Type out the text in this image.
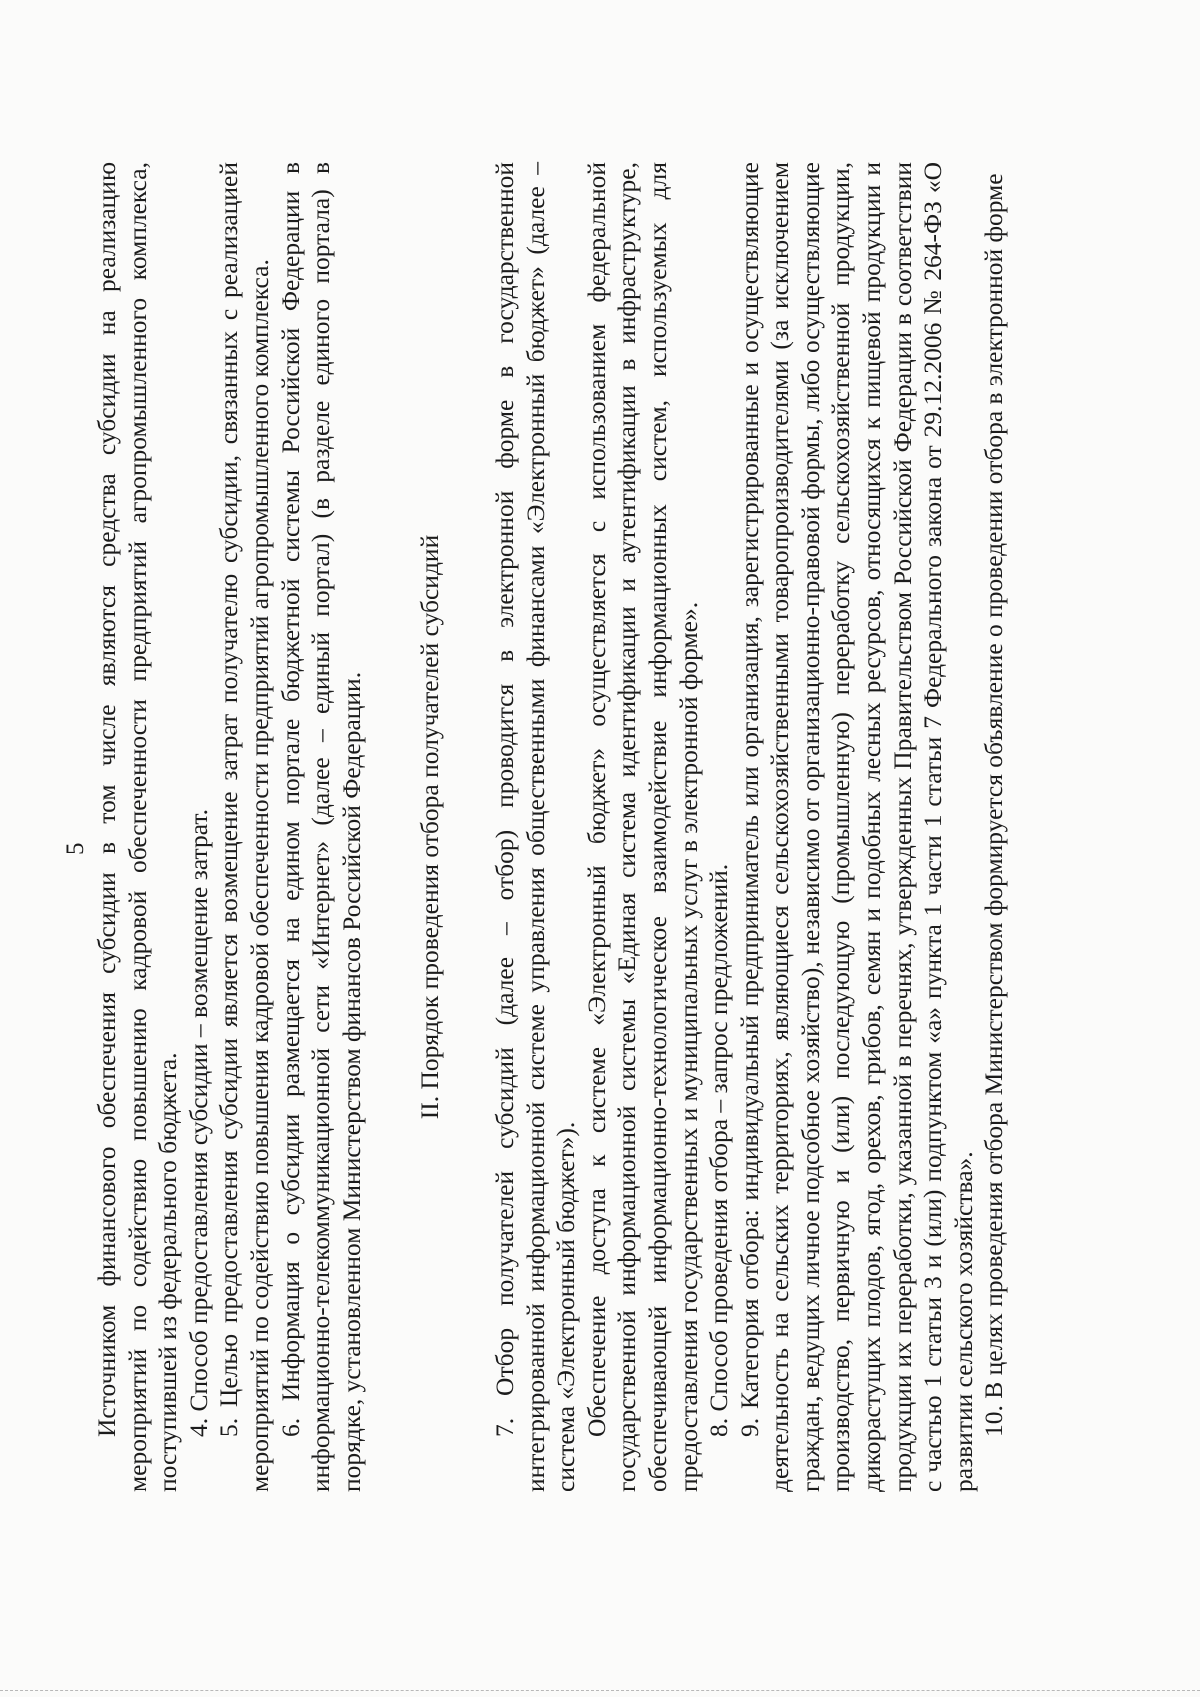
5 Источником финансового обеспечения субсидии в том числе являются средства субсидии на реализацию мероприятий по содействию повышению кадровой обеспеченности предприятий агропромышленного комплекса, поступившей из федерального бюджета. 4. Способ предоставления субсидии – возмещение затрат. 5. Целью предоставления субсидии является возмещение затрат получателю субсидии, связанных с реализацией мероприятий по содействию повышения кадровой обеспеченности предприятий агропромышленного комплекса. 6. Информация о субсидии размещается на едином портале бюджетной системы Российской Федерации в информационно-телекоммуникационной сети «Интернет» (далее – единый портал) (в разделе единого портала) в порядке, установленном Министерством финансов Российской Федерации. II. Порядок проведения отбора получателей субсидий 7. Отбор получателей субсидий (далее – отбор) проводится в электронной форме в государственной интегрированной информационной системе управления общественными финансами «Электронный бюджет» (далее – система «Электронный бюджет»). Обеспечение доступа к системе «Электронный бюджет» осуществляется с использованием федеральной государственной информационной системы «Единая система идентификации и аутентификации в инфраструктуре, обеспечивающей информационно-технологическое взаимодействие информационных систем, используемых для предоставления государственных и муниципальных услуг в электронной форме». 8. Способ проведения отбора – запрос предложений. 9. Категория отбора: индивидуальный предприниматель или организация, зарегистрированные и осуществляющие деятельность на сельских территориях, являющиеся сельскохозяйственными товаропроизводителями (за исключением граждан, ведущих личное подсобное хозяйство), независимо от организационно-правовой формы, либо осуществляющие производство, первичную и (или) последующую (промышленную) переработку сельскохозяйственной продукции, дикорастущих плодов, ягод, орехов, грибов, семян и подобных лесных ресурсов, относящихся к пищевой продукции и продукции их переработки, указанной в перечнях, утвержденных Правительством Российской Федерации в соответствии с частью 1 статьи 3 и (или) подпунктом «а» пункта 1 части 1 статьи 7 Федерального закона от 29.12.2006 № 264-ФЗ «О развитии сельского хозяйства». 10. В целях проведения отбора Министерством формируется объявление о проведении отбора в электронной форме
